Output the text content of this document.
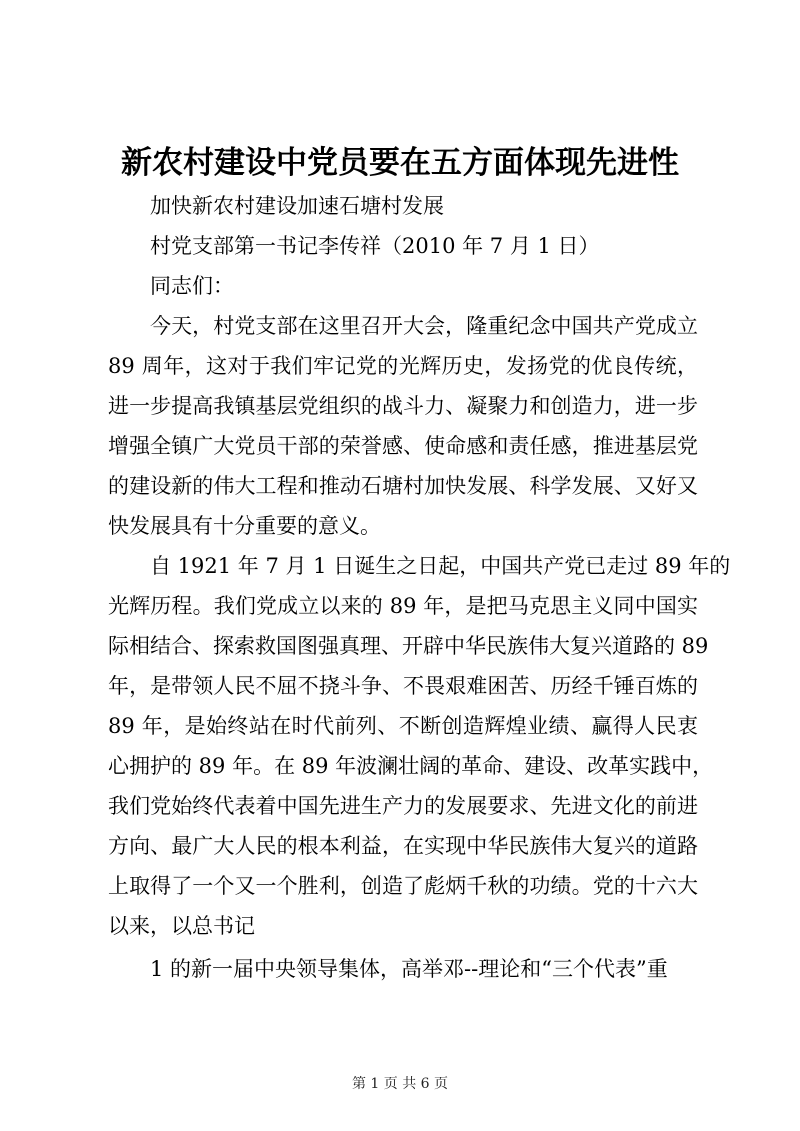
新农村建设中党员要在五方面体现先进性

加快新农村建设加速石塘村发展

村党支部第一书记李传祥（2010 年 7 月 1 日）

同志们：

今天，村党支部在这里召开大会，隆重纪念中国共产党成立

89 周年，这对于我们牢记党的光辉历史，发扬党的优良传统，

进一步提高我镇基层党组织的战斗力、凝聚力和创造力，进一步

增强全镇广大党员干部的荣誉感、使命感和责任感，推进基层党

的建设新的伟大工程和推动石塘村加快发展、科学发展、又好又

快发展具有十分重要的意义。

自 1921 年 7 月 1 日诞生之日起，中国共产党已走过 89 年的

光辉历程。我们党成立以来的 89 年，是把马克思主义同中国实

际相结合、探索救国图强真理、开辟中华民族伟大复兴道路的 89

年，是带领人民不屈不挠斗争、不畏艰难困苦、历经千锤百炼的

89 年，是始终站在时代前列、不断创造辉煌业绩、赢得人民衷

心拥护的 89 年。在 89 年波澜壮阔的革命、建设、改革实践中，

我们党始终代表着中国先进生产力的发展要求、先进文化的前进

方向、最广大人民的根本利益，在实现中华民族伟大复兴的道路

上取得了一个又一个胜利，创造了彪炳千秋的功绩。党的十六大

以来，以总书记

1 的新一届中央领导集体，高举邓--理论和“三个代表”重

第 1 页 共 6 页
